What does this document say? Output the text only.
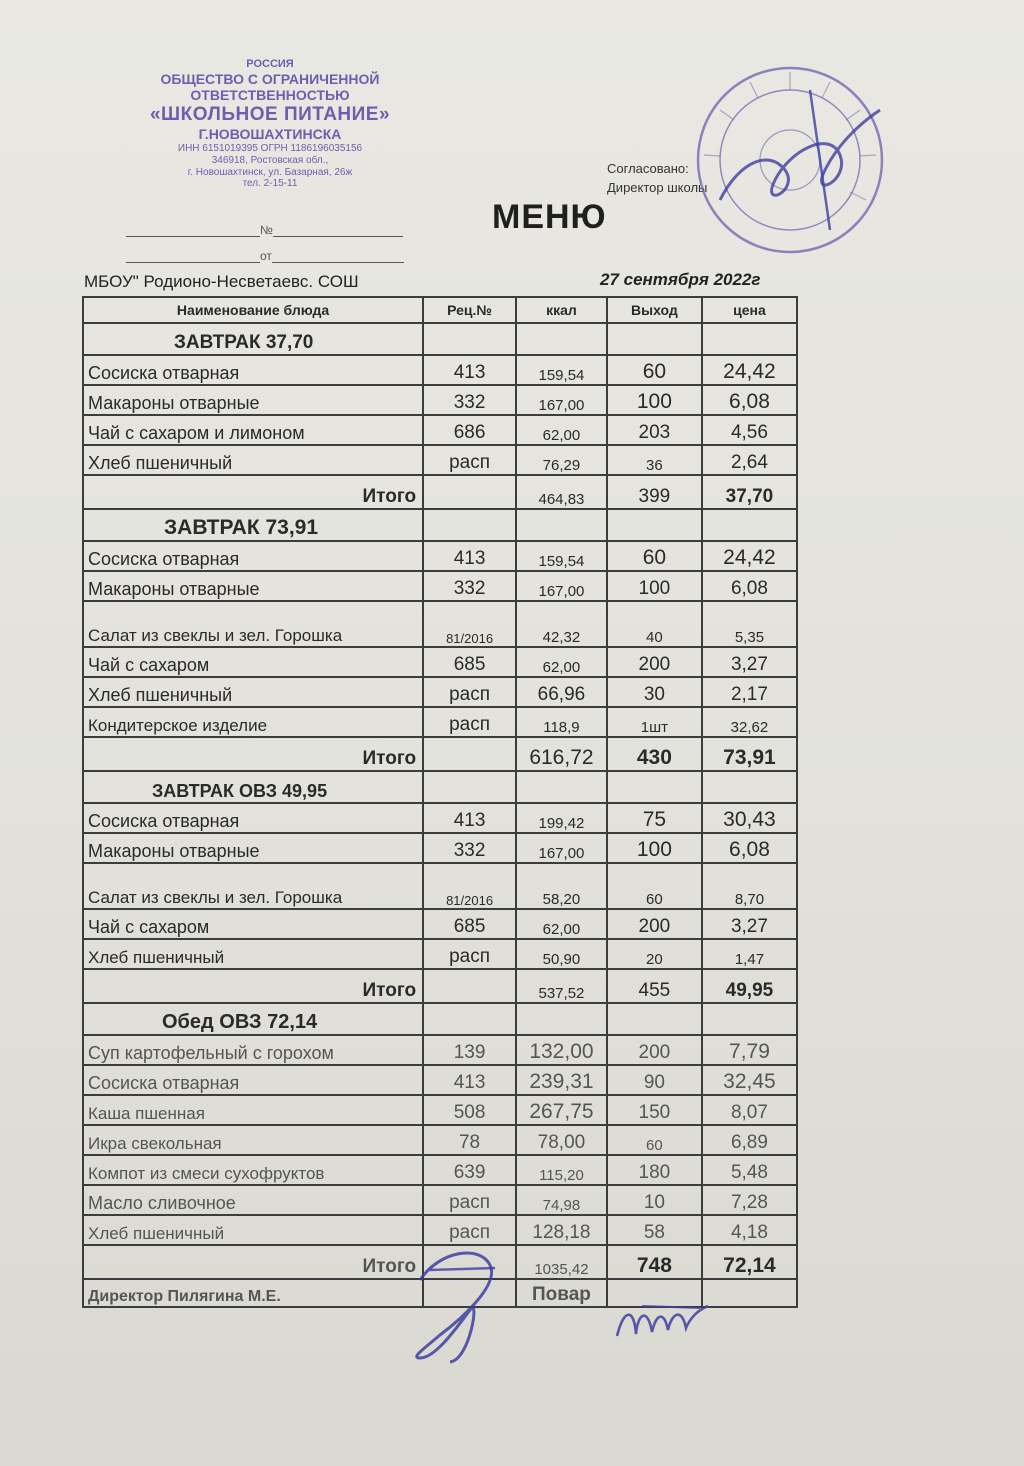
РОССИЯ
ОБЩЕСТВО С ОГРАНИЧЕННОЙ
ОТВЕТСТВЕННОСТЬЮ
«ШКОЛЬНОЕ ПИТАНИЕ»
Г.НОВОШАХТИНСКА
ИНН 6151019395 ОГРН 1186196035156
346918, Ростовская обл.,
г. Новошахтинск, ул. Базарная, 26ж
тел. 2-15-11
№
от
Согласовано:
Директор школы
МЕНЮ
МБОУ" Родионо-Несветаевс. СОШ	27 сентября 2022г
Наименование блюда	Рец.№	ккал	Выход	цена
ЗАВТРАК 37,70				
Сосиска отварная	413	159,54	60	24,42
Макароны отварные	332	167,00	100	6,08
Чай с сахаром и лимоном	686	62,00	203	4,56
Хлеб пшеничный	расп	76,29	36	2,64
Итого		464,83	399	37,70
ЗАВТРАК 73,91				
Сосиска отварная	413	159,54	60	24,42
Макароны отварные	332	167,00	100	6,08
Салат из свеклы и зел. Горошка	81/2016	42,32	40	5,35
Чай с сахаром	685	62,00	200	3,27
Хлеб пшеничный	расп	66,96	30	2,17
Кондитерское изделие	расп	118,9	1шт	32,62
Итого		616,72	430	73,91
ЗАВТРАК ОВЗ 49,95				
Сосиска отварная	413	199,42	75	30,43
Макароны отварные	332	167,00	100	6,08
Салат из свеклы и зел. Горошка	81/2016	58,20	60	8,70
Чай с сахаром	685	62,00	200	3,27
Хлеб пшеничный	расп	50,90	20	1,47
Итого		537,52	455	49,95
Обед ОВЗ 72,14				
Суп картофельный с горохом	139	132,00	200	7,79
Сосиска отварная	413	239,31	90	32,45
Каша пшенная	508	267,75	150	8,07
Икра свекольная	78	78,00	60	6,89
Компот из смеси сухофруктов	639	115,20	180	5,48
Масло сливочное	расп	74,98	10	7,28
Хлеб пшеничный	расп	128,18	58	4,18
Итого		1035,42	748	72,14
Директор Пилягина М.Е.		Повар		
